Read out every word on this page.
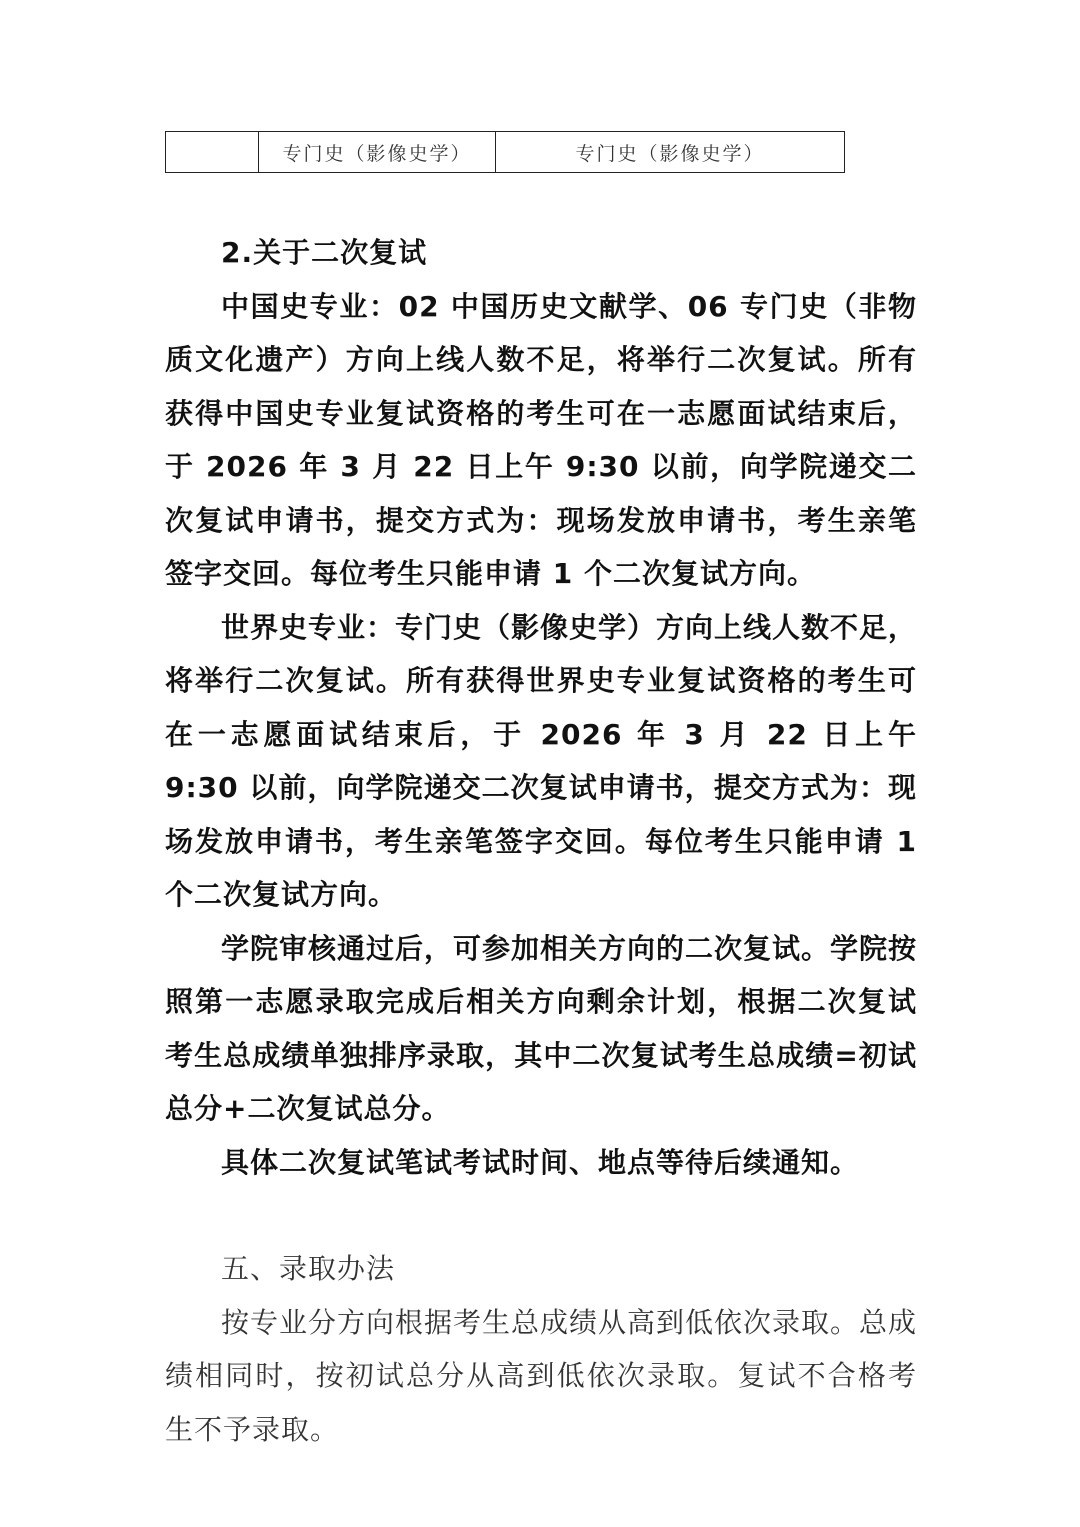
	专门史（影像史学）	专门史（影像史学）

2.关于二次复试

中国史专业：02 中国历史文献学、06 专门史（非物质文化遗产）方向上线人数不足，将举行二次复试。所有获得中国史专业复试资格的考生可在一志愿面试结束后，于 2026 年 3 月 22 日上午 9:30 以前，向学院递交二次复试申请书，提交方式为：现场发放申请书，考生亲笔签字交回。每位考生只能申请 1 个二次复试方向。

世界史专业：专门史（影像史学）方向上线人数不足，将举行二次复试。所有获得世界史专业复试资格的考生可在一志愿面试结束后，于 2026 年 3 月 22 日上午 9:30 以前，向学院递交二次复试申请书，提交方式为：现场发放申请书，考生亲笔签字交回。每位考生只能申请 1 个二次复试方向。

学院审核通过后，可参加相关方向的二次复试。学院按照第一志愿录取完成后相关方向剩余计划，根据二次复试考生总成绩单独排序录取，其中二次复试考生总成绩=初试总分+二次复试总分。

具体二次复试笔试考试时间、地点等待后续通知。

五、录取办法

按专业分方向根据考生总成绩从高到低依次录取。总成绩相同时，按初试总分从高到低依次录取。复试不合格考生不予录取。
